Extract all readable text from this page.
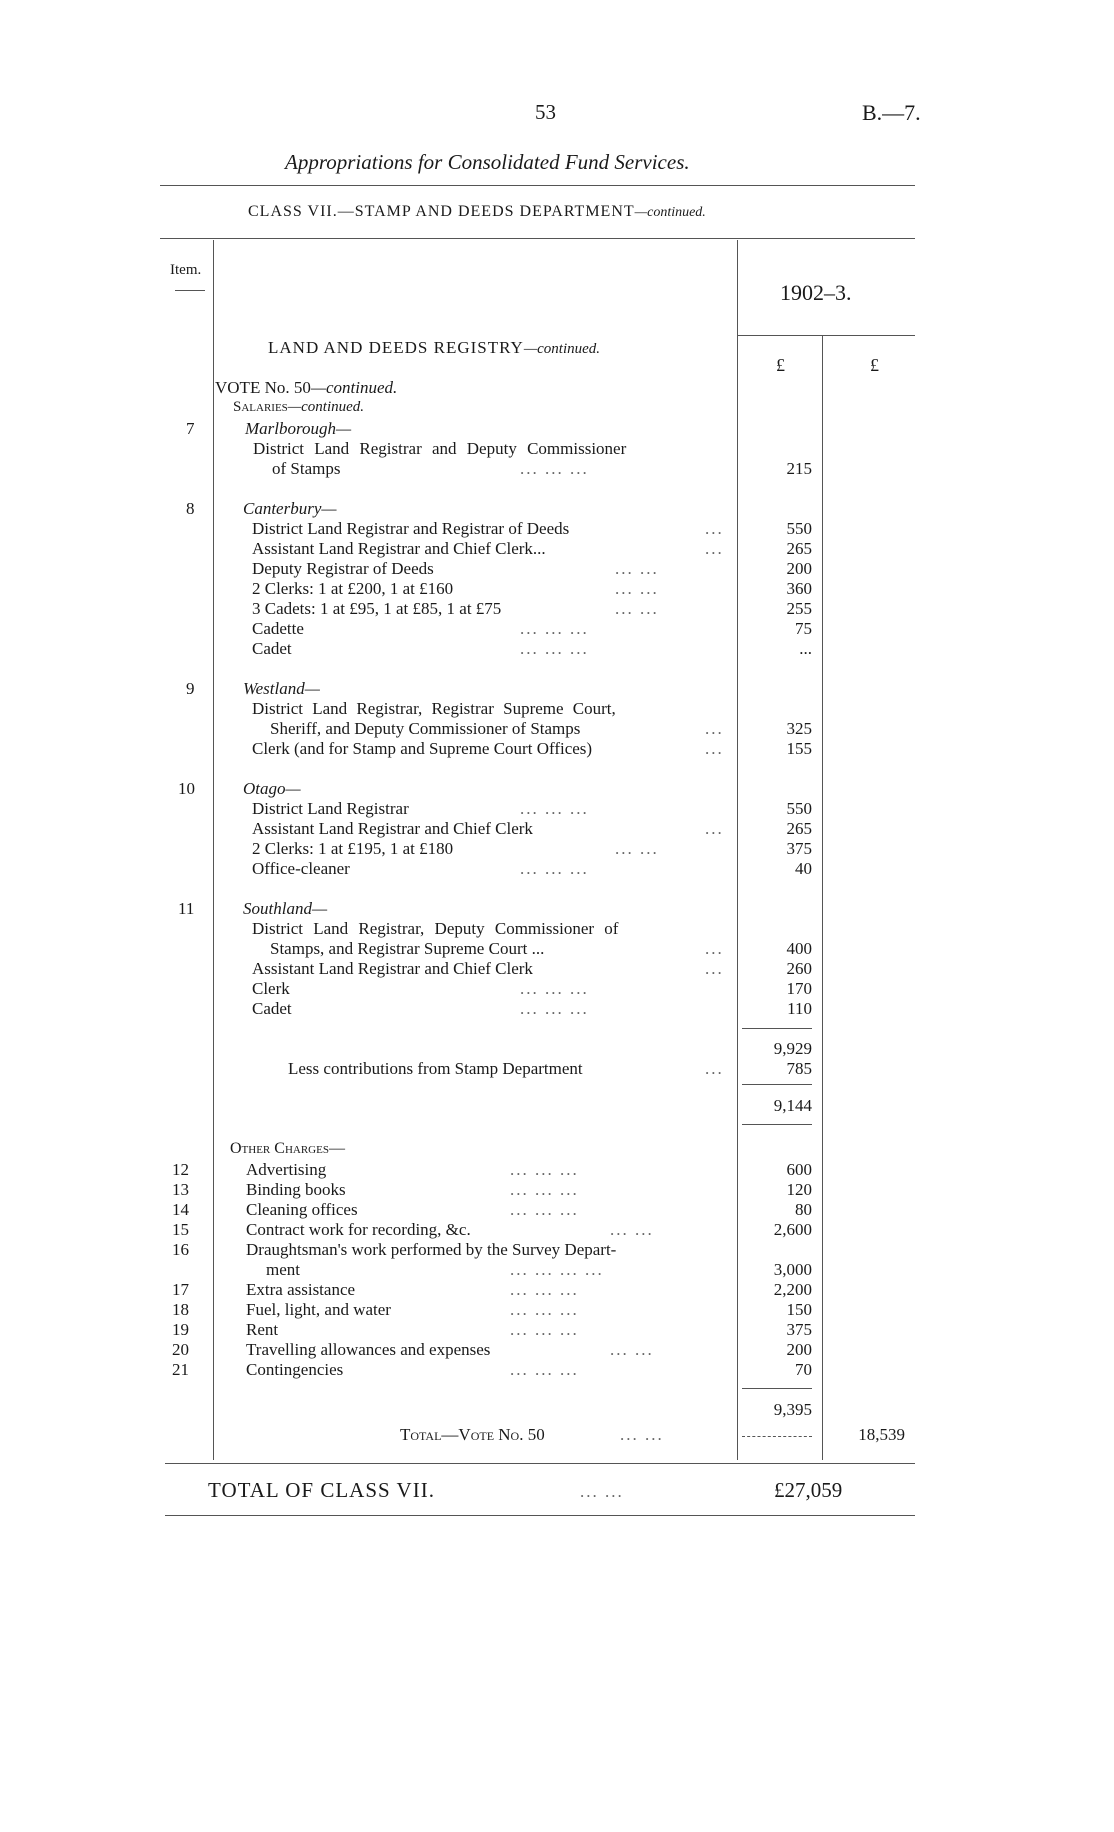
53	B.—7.
Appropriations for Consolidated Fund Services.
CLASS VII.—STAMP AND DEEDS DEPARTMENT—continued.
Item.
1902–3.
£	£
LAND AND DEEDS REGISTRY—continued.
VOTE No. 50—continued.
Salaries—continued.
7	Marlborough—
District Land Registrar and Deputy Commissioner
of Stamps	... ... ...	215
8	Canterbury—
District Land Registrar and Registrar of Deeds	...	550
Assistant Land Registrar and Chief Clerk...	...	265
Deputy Registrar of Deeds	... ...	200
2 Clerks: 1 at £200, 1 at £160	... ...	360
3 Cadets: 1 at £95, 1 at £85, 1 at £75	... ...	255
Cadette	... ... ...	75
Cadet	... ... ...	...
9	Westland—
District Land Registrar, Registrar Supreme Court,
Sheriff, and Deputy Commissioner of Stamps	...	325
Clerk (and for Stamp and Supreme Court Offices)	...	155
10	Otago—
District Land Registrar	... ... ...	550
Assistant Land Registrar and Chief Clerk	...	265
2 Clerks: 1 at £195, 1 at £180	... ...	375
Office-cleaner	... ... ...	40
11	Southland—
District Land Registrar, Deputy Commissioner of
Stamps, and Registrar Supreme Court ...	...	400
Assistant Land Registrar and Chief Clerk	...	260
Clerk	... ... ...	170
Cadet	... ... ...	110
9,929
Less contributions from Stamp Department	...	785
9,144
Other Charges—
12	Advertising	... ... ...	600
13	Binding books	... ... ...	120
14	Cleaning offices	... ... ...	80
15	Contract work for recording, &c.	... ...	2,600
16	Draughtsman's work performed by the Survey Depart-
ment	... ... ... ...	3,000
17	Extra assistance	... ... ...	2,200
18	Fuel, light, and water	... ... ...	150
19	Rent	... ... ...	375
20	Travelling allowances and expenses	... ...	200
21	Contingencies	... ... ...	70
9,395
Total—Vote No. 50	... ...	18,539
TOTAL OF CLASS VII.	... ...	£27,059
